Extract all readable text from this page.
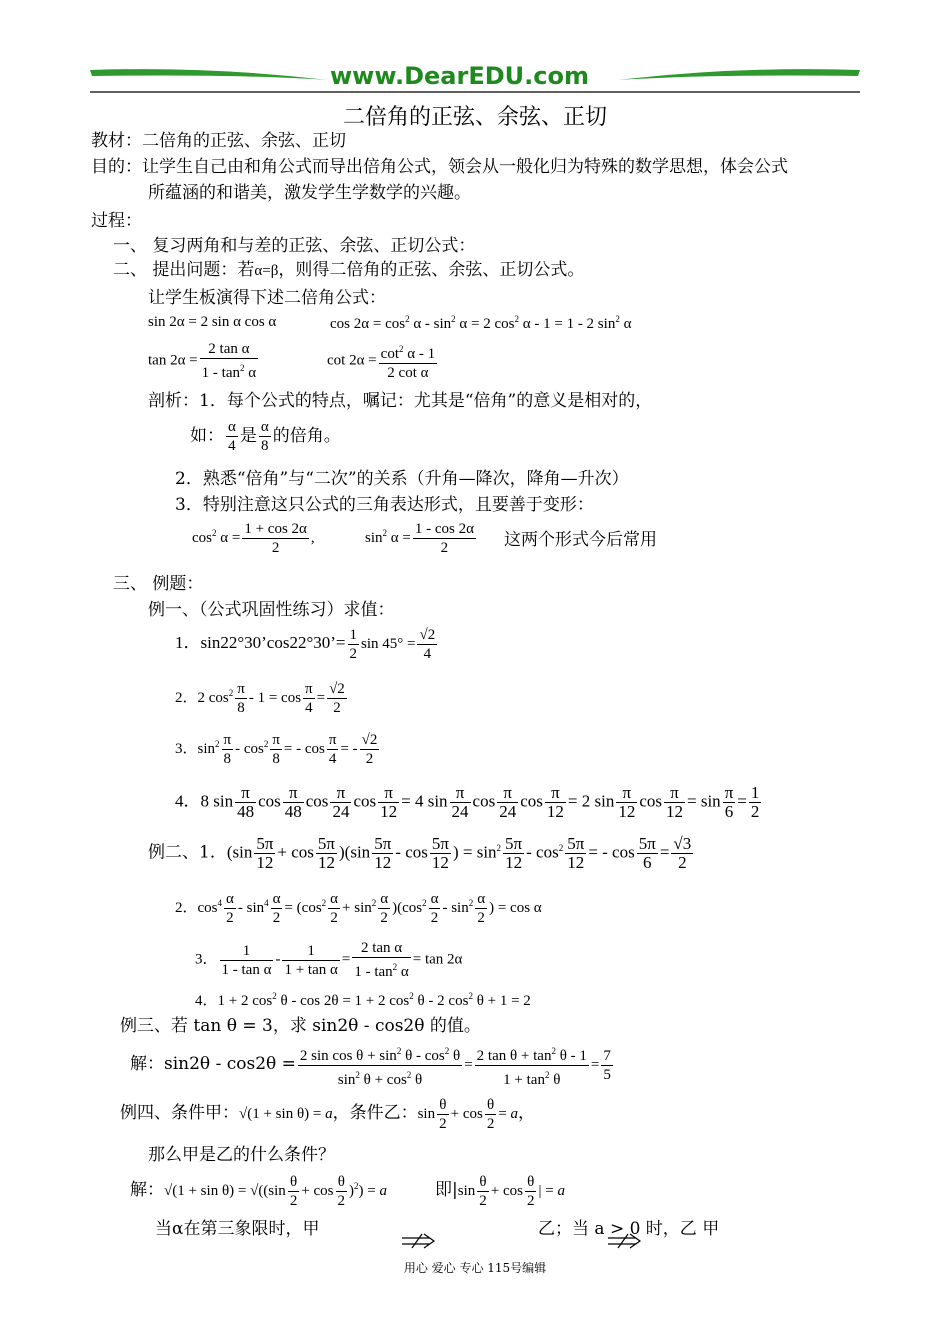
www.DearEDU.com
二倍角的正弦、余弦、正切
教材：二倍角的正弦、余弦、正切
目的：让学生自己由和角公式而导出倍角公式，领会从一般化归为特殊的数学思想，体会公式
所蕴涵的和谐美，激发学生学数学的兴趣。
过程：
一、 复习两角和与差的正弦、余弦、正切公式：
二、 提出问题：若α=β，则得二倍角的正弦、余弦、正切公式。
让学生板演得下述二倍角公式：
sin 2α = 2 sin α cos α	$\cos 2\alpha = \cos^2 \alpha - \sin^2 \alpha = 2$ $\cos^2 \alpha - 1 = 1 - 2$ $\sin^2 \alpha$
$\tan 2\alpha = \frac{\text{2 tan α}}{1 - \tan^2 \alpha}$	$\cot 2\alpha = \frac{\cot^2 \alpha - 1}{\text{2 cot α}}$
剖析：1．每个公式的特点，嘱记：尤其是“倍角”的意义是相对的，
如： $\frac{\alpha}{4}$ 是 $\frac{\alpha}{8}$ 的倍角。
2．熟悉“倍角”与“二次”的关系（升角—降次，降角—升次）
3．特别注意这只公式的三角表达形式，且要善于变形：
$\cos^2 \alpha = \frac{1 + \cos 2\alpha}{2}$ ,	$\sin^2 \alpha = \frac{1 - \cos 2\alpha}{2}$ 这两个形式今后常用
三、 例题：
例一、（公式巩固性练习）求值：
1．sin22°30’cos22°30’= $\frac{1}{2}$ $\sin 45^\circ = \frac{√2}{4}$
2．2 $\cos^2 \frac{\pi}{8} - 1 = \cos \frac{\pi}{4} = \frac{√2}{2}$
3．$\sin^2 \frac{\pi}{8} - \cos^2 \frac{\pi}{8}$ = - $\cos \frac{\pi}{4}$ = - $\frac{√2}{2}$
4．8 $\sin \frac{\pi}{48}$ $\cos \frac{\pi}{48}$ $\cos \frac{\pi}{24}$ $\cos \frac{\pi}{12} = 4$ $\sin \frac{\pi}{24}$ $\cos \frac{\pi}{24}$ $\cos \frac{\pi}{12} = 2$ $\sin \frac{\pi}{12}$ $\cos \frac{\pi}{12} = \sin \frac{\pi}{6} = \frac{1}{2}$
例二、1．$(\sin \frac{5\pi}{12} + \cos \frac{5\pi}{12} )(\sin \frac{5\pi}{12} - \cos \frac{5\pi}{12}$ ) = $\sin^2 \frac{5\pi}{12} - \cos^2 \frac{5\pi}{12}$ = - $\cos \frac{5\pi}{6} = \frac{√3}{2}$
2．$\cos^4 \frac{\alpha}{2} - \sin^4 \frac{\alpha}{2} = (\cos^2 \frac{\alpha}{2} + \sin^2 \frac{\alpha}{2} )(\cos^2 \frac{\alpha}{2} - \sin^2 \frac{\alpha}{2}$ ) = cos α
3． $\frac{1}{\text{1 - tan α}} - \frac{1}{\text{1 + tan α}} = \frac{\text{2 tan α}}{1 - \tan^2 \alpha} = \tan 2\alpha$
4．1 + 2 $\cos^2 \theta - \cos 2\theta = 1 + 2$ $\cos^2 \theta - 2$ $\cos^2 \theta + 1 = 2$
例三、若 tan θ = 3，求 sin2θ - cos2θ 的值。
解：$\sin 2\theta - \cos 2\theta = \frac{2 \sin \cos \theta + \sin^2 \theta - \cos^2 \theta}{\sin^2 \theta + \cos^2 \theta} = \frac{2 \tan \theta + \tan^2 \theta - 1}{1 + \tan^2 \theta} = \frac{7}{5}$
例四、条件甲：√(1 + sin θ) = a，条件乙：$\sin \frac{\theta}{2} + \cos \frac{\theta}{2} = a$，
那么甲是乙的什么条件？
解：$√(1 + \sin \theta) = √((\sin \frac{\theta}{2} + \cos \frac{\theta}{2} )^2) = a$	即$|\sin \frac{\theta}{2} + \cos \frac{\theta}{2}$ | = a
当α在第三象限时，甲	乙；当 a > 0 时，乙 甲
用心 爱心 专心 115号编辑
